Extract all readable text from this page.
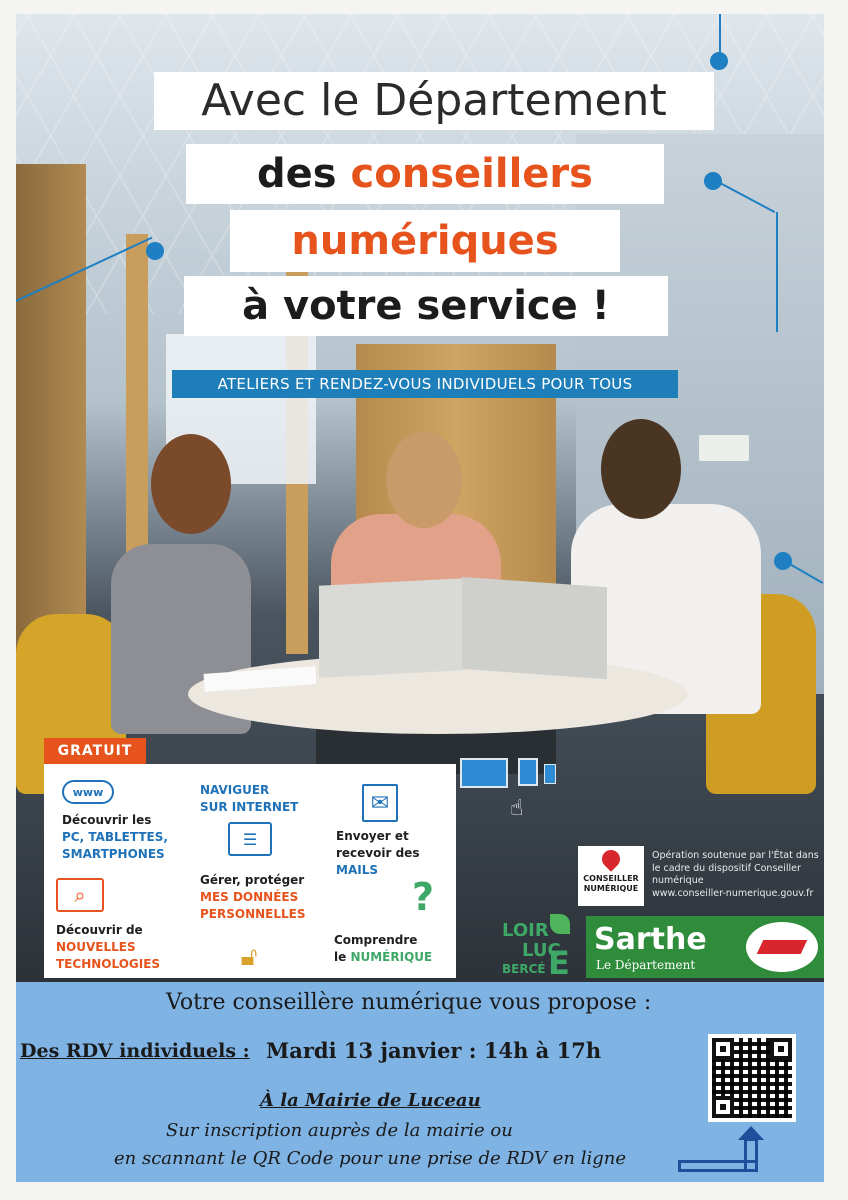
Avec le Département
des conseillers
numériques
à votre service !
ATELIERS ET RENDEZ-VOUS INDIVIDUELS POUR TOUS
GRATUIT
www
Découvrir les
PC, TABLETTES,
SMARTPHONES
NAVIGUER
SUR INTERNET
☰
✉
Envoyer et
recevoir des
MAILS
⌕
Découvrir de
NOUVELLES
TECHNOLOGIES
Gérer, protéger
MES DONNÉES
PERSONNELLES
🔓︎
?
Comprendre
le NUMÉRIQUE
☝
CONSEILLER
NUMÉRIQUE
Opération soutenue par l'État dans le cadre du dispositif Conseiller numérique
www.conseiller-numerique.gouv.fr
LOIR
LUC
BERCÉ E
Sarthe
Le Département
Votre conseillère numérique vous propose :
Des RDV individuels : Mardi 13 janvier : 14h à 17h
À la Mairie de Luceau
Sur inscription auprès de la mairie ou
en scannant le QR Code pour une prise de RDV en ligne
